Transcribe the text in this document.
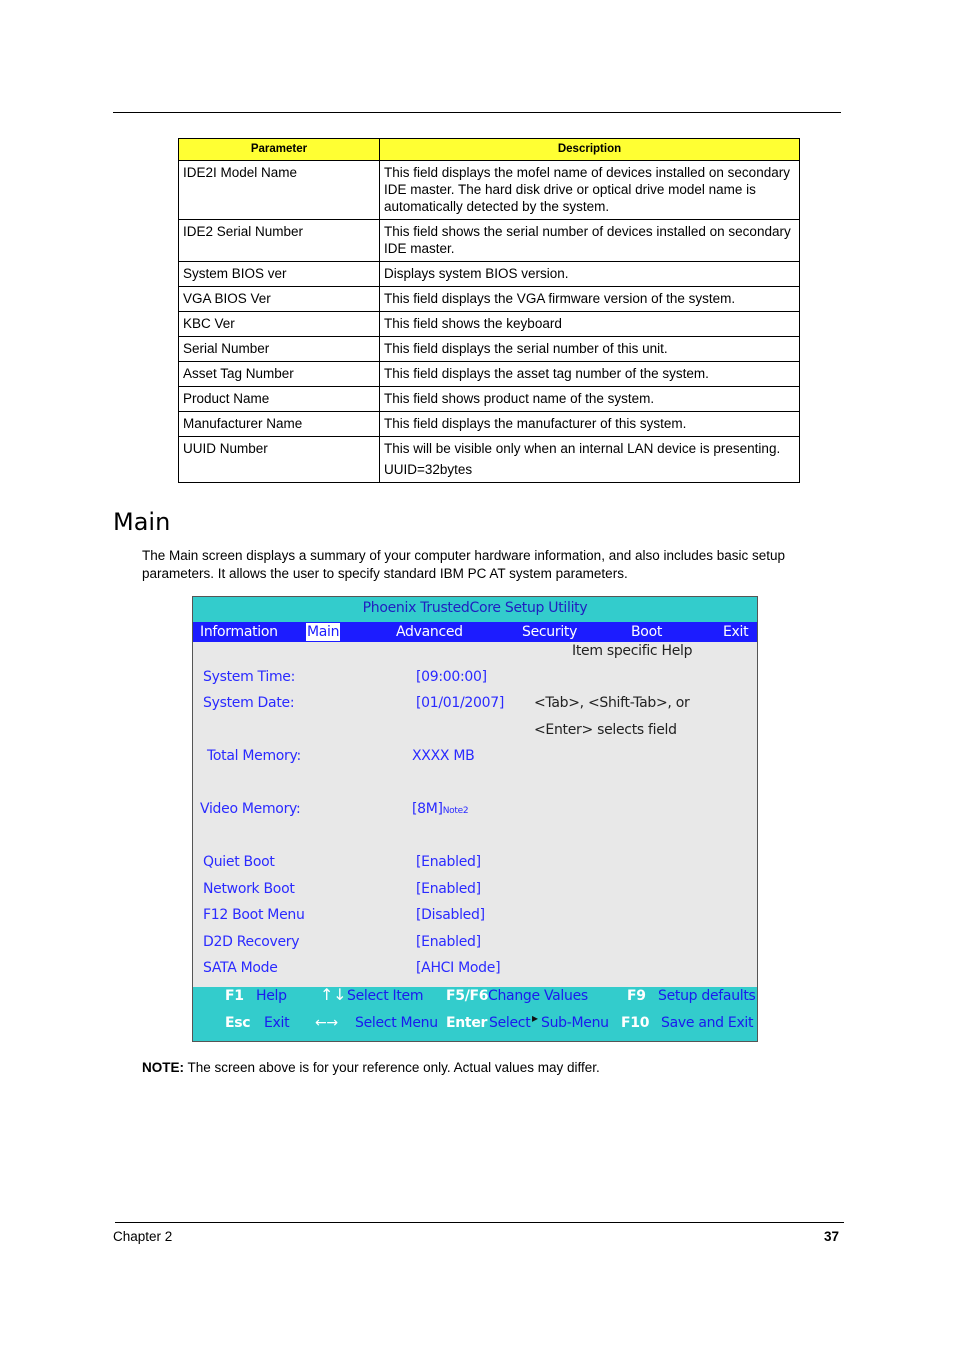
Parameter	Description
IDE2I Model Name	This field displays the mofel name of devices installed on secondary IDE master. The hard disk drive or optical drive model name is automatically detected by the system.
IDE2 Serial Number	This field shows the serial number of devices installed on secondary IDE master.
System BIOS ver	Displays system BIOS version.
VGA BIOS Ver	This field displays the VGA firmware version of the system.
KBC Ver	This field shows the keyboard
Serial Number	This field displays the serial number of this unit.
Asset Tag Number	This field displays the asset tag number of the system.
Product Name	This field shows product name of the system.
Manufacturer Name	This field displays the manufacturer of this system.
UUID Number	This will be visible only when an internal LAN device is presenting.
UUID=32bytes
Main

The Main screen displays a summary of your computer hardware information, and also includes basic setup parameters. It allows the user to specify standard IBM PC AT system parameters.

Phoenix TrustedCore Setup Utility
Information Main	Advanced	Security	Boot	Exit
Item specific Help
<Tab>, <Shift-Tab>, or
<Enter> selects field
System Time:	[09:00:00]
System Date:	[01/01/2007]
Total Memory:	XXXX MB
Video Memory:	[8M]Note2
Quiet Boot	[Enabled]
Network Boot	[Enabled]
F12 Boot Menu	[Disabled]
D2D Recovery	[Enabled]
SATA Mode	[AHCI Mode]
F1 Help ↑↓ Select Item F5/F6 Change Values	F9 Setup defaults
Esc Exit ←→ Select Menu Enter Select ▸ Sub-Menu F10 Save and Exit

NOTE: The screen above is for your reference only. Actual values may differ.

Chapter 2	37
